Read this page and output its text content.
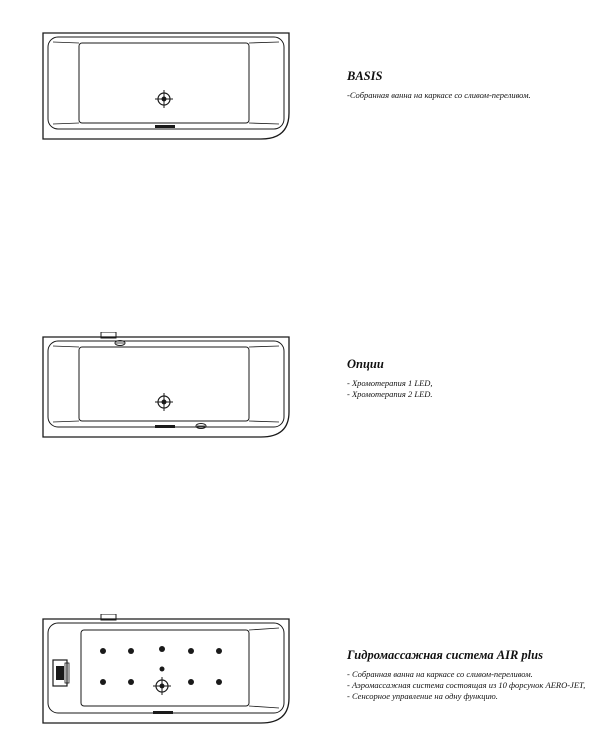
BASIS
-Собранная ванна на каркасе со сливом-переливом.
Опции
- Хромотерапия 1 LED,
- Хромотерапия 2 LED.
Гидромассажная система AIR plus
- Собранная ванна на каркасе со сливом-переливом.
- Аэромассажная система состоящая из 10 форсунок AERO-JET,
- Сенсорное управление на одну функцию.
